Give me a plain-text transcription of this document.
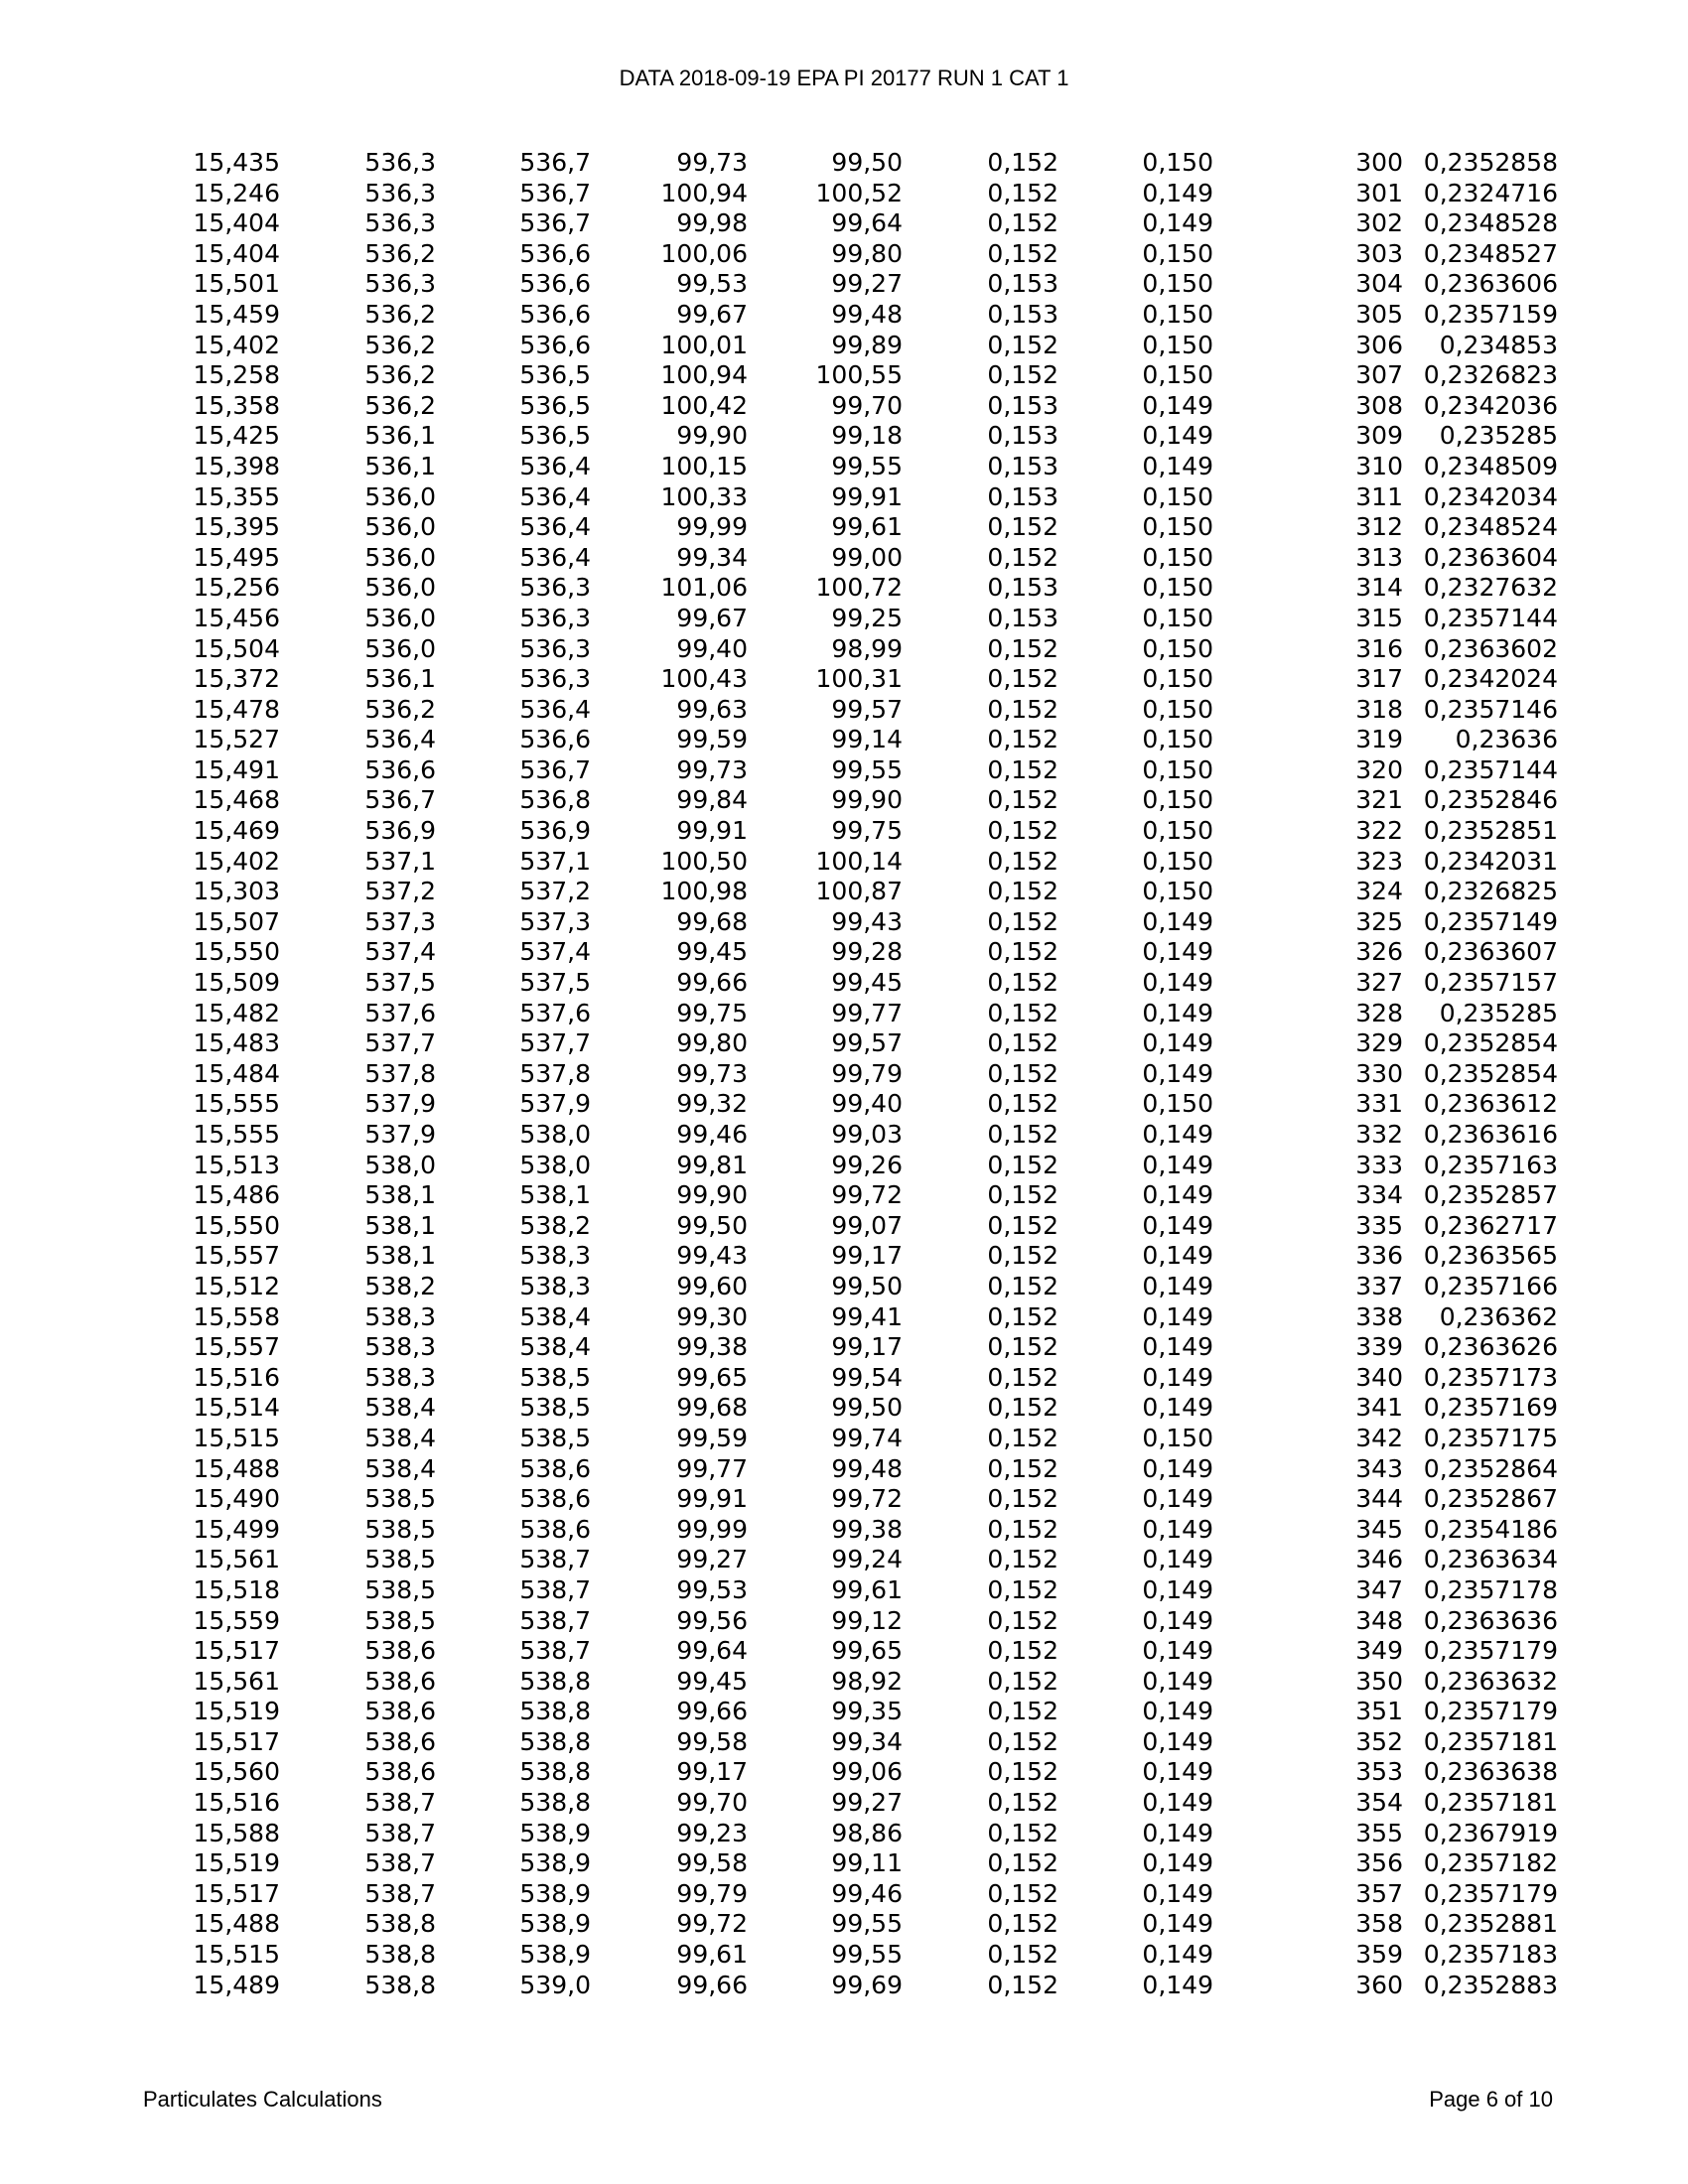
DATA 2018-09-19 EPA PI 20177 RUN 1 CAT 1
15,435	536,3	536,7	99,73	99,50	0,152	0,150	300	0,2352858
15,246	536,3	536,7	100,94	100,52	0,152	0,149	301	0,2324716
15,404	536,3	536,7	99,98	99,64	0,152	0,149	302	0,2348528
15,404	536,2	536,6	100,06	99,80	0,152	0,150	303	0,2348527
15,501	536,3	536,6	99,53	99,27	0,153	0,150	304	0,2363606
15,459	536,2	536,6	99,67	99,48	0,153	0,150	305	0,2357159
15,402	536,2	536,6	100,01	99,89	0,152	0,150	306	0,234853
15,258	536,2	536,5	100,94	100,55	0,152	0,150	307	0,2326823
15,358	536,2	536,5	100,42	99,70	0,153	0,149	308	0,2342036
15,425	536,1	536,5	99,90	99,18	0,153	0,149	309	0,235285
15,398	536,1	536,4	100,15	99,55	0,153	0,149	310	0,2348509
15,355	536,0	536,4	100,33	99,91	0,153	0,150	311	0,2342034
15,395	536,0	536,4	99,99	99,61	0,152	0,150	312	0,2348524
15,495	536,0	536,4	99,34	99,00	0,152	0,150	313	0,2363604
15,256	536,0	536,3	101,06	100,72	0,153	0,150	314	0,2327632
15,456	536,0	536,3	99,67	99,25	0,153	0,150	315	0,2357144
15,504	536,0	536,3	99,40	98,99	0,152	0,150	316	0,2363602
15,372	536,1	536,3	100,43	100,31	0,152	0,150	317	0,2342024
15,478	536,2	536,4	99,63	99,57	0,152	0,150	318	0,2357146
15,527	536,4	536,6	99,59	99,14	0,152	0,150	319	0,23636
15,491	536,6	536,7	99,73	99,55	0,152	0,150	320	0,2357144
15,468	536,7	536,8	99,84	99,90	0,152	0,150	321	0,2352846
15,469	536,9	536,9	99,91	99,75	0,152	0,150	322	0,2352851
15,402	537,1	537,1	100,50	100,14	0,152	0,150	323	0,2342031
15,303	537,2	537,2	100,98	100,87	0,152	0,150	324	0,2326825
15,507	537,3	537,3	99,68	99,43	0,152	0,149	325	0,2357149
15,550	537,4	537,4	99,45	99,28	0,152	0,149	326	0,2363607
15,509	537,5	537,5	99,66	99,45	0,152	0,149	327	0,2357157
15,482	537,6	537,6	99,75	99,77	0,152	0,149	328	0,235285
15,483	537,7	537,7	99,80	99,57	0,152	0,149	329	0,2352854
15,484	537,8	537,8	99,73	99,79	0,152	0,149	330	0,2352854
15,555	537,9	537,9	99,32	99,40	0,152	0,150	331	0,2363612
15,555	537,9	538,0	99,46	99,03	0,152	0,149	332	0,2363616
15,513	538,0	538,0	99,81	99,26	0,152	0,149	333	0,2357163
15,486	538,1	538,1	99,90	99,72	0,152	0,149	334	0,2352857
15,550	538,1	538,2	99,50	99,07	0,152	0,149	335	0,2362717
15,557	538,1	538,3	99,43	99,17	0,152	0,149	336	0,2363565
15,512	538,2	538,3	99,60	99,50	0,152	0,149	337	0,2357166
15,558	538,3	538,4	99,30	99,41	0,152	0,149	338	0,236362
15,557	538,3	538,4	99,38	99,17	0,152	0,149	339	0,2363626
15,516	538,3	538,5	99,65	99,54	0,152	0,149	340	0,2357173
15,514	538,4	538,5	99,68	99,50	0,152	0,149	341	0,2357169
15,515	538,4	538,5	99,59	99,74	0,152	0,150	342	0,2357175
15,488	538,4	538,6	99,77	99,48	0,152	0,149	343	0,2352864
15,490	538,5	538,6	99,91	99,72	0,152	0,149	344	0,2352867
15,499	538,5	538,6	99,99	99,38	0,152	0,149	345	0,2354186
15,561	538,5	538,7	99,27	99,24	0,152	0,149	346	0,2363634
15,518	538,5	538,7	99,53	99,61	0,152	0,149	347	0,2357178
15,559	538,5	538,7	99,56	99,12	0,152	0,149	348	0,2363636
15,517	538,6	538,7	99,64	99,65	0,152	0,149	349	0,2357179
15,561	538,6	538,8	99,45	98,92	0,152	0,149	350	0,2363632
15,519	538,6	538,8	99,66	99,35	0,152	0,149	351	0,2357179
15,517	538,6	538,8	99,58	99,34	0,152	0,149	352	0,2357181
15,560	538,6	538,8	99,17	99,06	0,152	0,149	353	0,2363638
15,516	538,7	538,8	99,70	99,27	0,152	0,149	354	0,2357181
15,588	538,7	538,9	99,23	98,86	0,152	0,149	355	0,2367919
15,519	538,7	538,9	99,58	99,11	0,152	0,149	356	0,2357182
15,517	538,7	538,9	99,79	99,46	0,152	0,149	357	0,2357179
15,488	538,8	538,9	99,72	99,55	0,152	0,149	358	0,2352881
15,515	538,8	538,9	99,61	99,55	0,152	0,149	359	0,2357183
15,489	538,8	539,0	99,66	99,69	0,152	0,149	360	0,2352883
Particulates Calculations	Page 6 of 10
